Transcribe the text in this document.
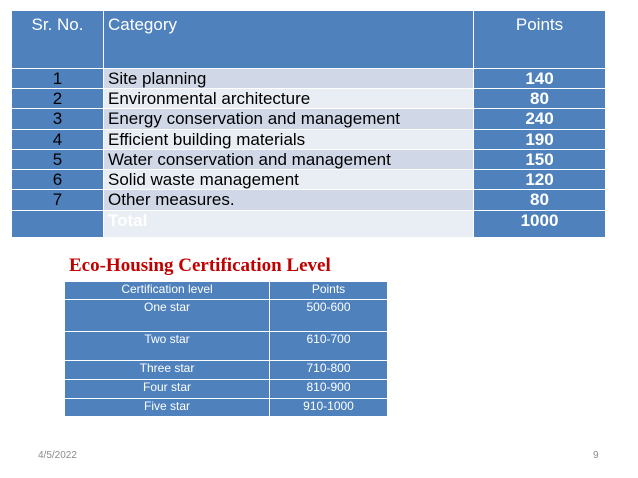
Sr. No.	Category	Points
1	Site planning	140
2	Environmental architecture	80
3	Energy conservation and management	240
4	Efficient building materials	190
5	Water conservation and management	150
6	Solid waste management	120
7	Other measures.	80
	Total	1000
Eco-Housing Certification Level
Certification level	Points
One star	500-600
Two star	610-700
Three star	710-800
Four star	810-900
Five star	910-1000
4/5/2022	9
